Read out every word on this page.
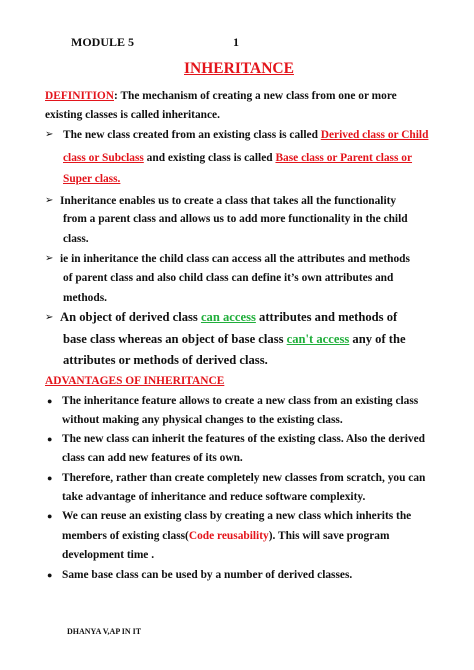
MODULE 5	1
INHERITANCE
DEFINITION: The mechanism of creating a new class from one or more
existing classes is called inheritance.
➢ The new class created from an existing class is called Derived class or Child
class or Subclass and existing class is called Base class or Parent class or
Super class.
➢ Inheritance enables us to create a class that takes all the functionality
from a parent class and allows us to add more functionality in the child
class.
➢ ie in inheritance the child class can access all the attributes and methods
of parent class and also child class can define it’s own attributes and
methods.
➢ An object of derived class can access attributes and methods of
base class whereas an object of base class can't access any of the
attributes or methods of derived class.
ADVANTAGES OF INHERITANCE
● The inheritance feature allows to create a new class from an existing class
without making any physical changes to the existing class.
● The new class can inherit the features of the existing class. Also the derived
class can add new features of its own.
● Therefore, rather than create completely new classes from scratch, you can
take advantage of inheritance and reduce software complexity.
● We can reuse an existing class by creating a new class which inherits the
members of existing class(Code reusability). This will save program
development time .
● Same base class can be used by a number of derived classes.
DHANYA V,AP IN IT
